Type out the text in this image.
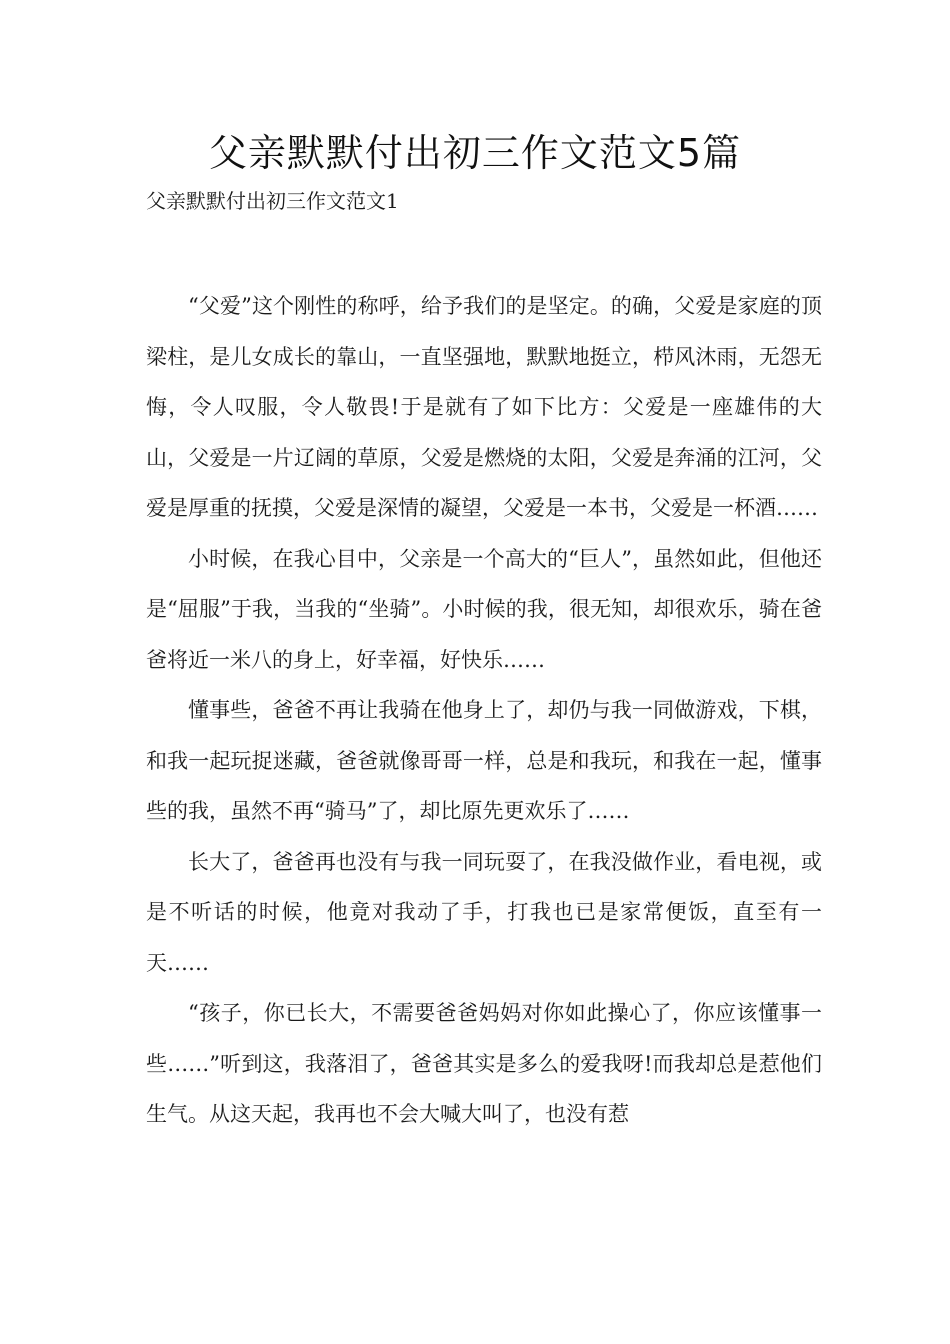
父亲默默付出初三作文范文5篇
父亲默默付出初三作文范文1

“父爱”这个刚性的称呼，给予我们的是坚定。的确，父爱是家庭的顶梁柱，是儿女成长的靠山，一直坚强地，默默地挺立，栉风沐雨，无怨无悔，令人叹服，令人敬畏!于是就有了如下比方：父爱是一座雄伟的大山，父爱是一片辽阔的草原，父爱是燃烧的太阳，父爱是奔涌的江河，父爱是厚重的抚摸，父爱是深情的凝望，父爱是一本书，父爱是一杯酒……

小时候，在我心目中，父亲是一个高大的“巨人”，虽然如此，但他还是“屈服”于我，当我的“坐骑”。小时候的我，很无知，却很欢乐，骑在爸爸将近一米八的身上，好幸福，好快乐……

懂事些，爸爸不再让我骑在他身上了，却仍与我一同做游戏，下棋，和我一起玩捉迷藏，爸爸就像哥哥一样，总是和我玩，和我在一起，懂事些的我，虽然不再“骑马”了，却比原先更欢乐了……

长大了，爸爸再也没有与我一同玩耍了，在我没做作业，看电视，或是不听话的时候，他竟对我动了手，打我也已是家常便饭，直至有一天……

“孩子，你已长大，不需要爸爸妈妈对你如此操心了，你应该懂事一些……”听到这，我落泪了，爸爸其实是多么的爱我呀!而我却总是惹他们生气。从这天起，我再也不会大喊大叫了，也没有惹
